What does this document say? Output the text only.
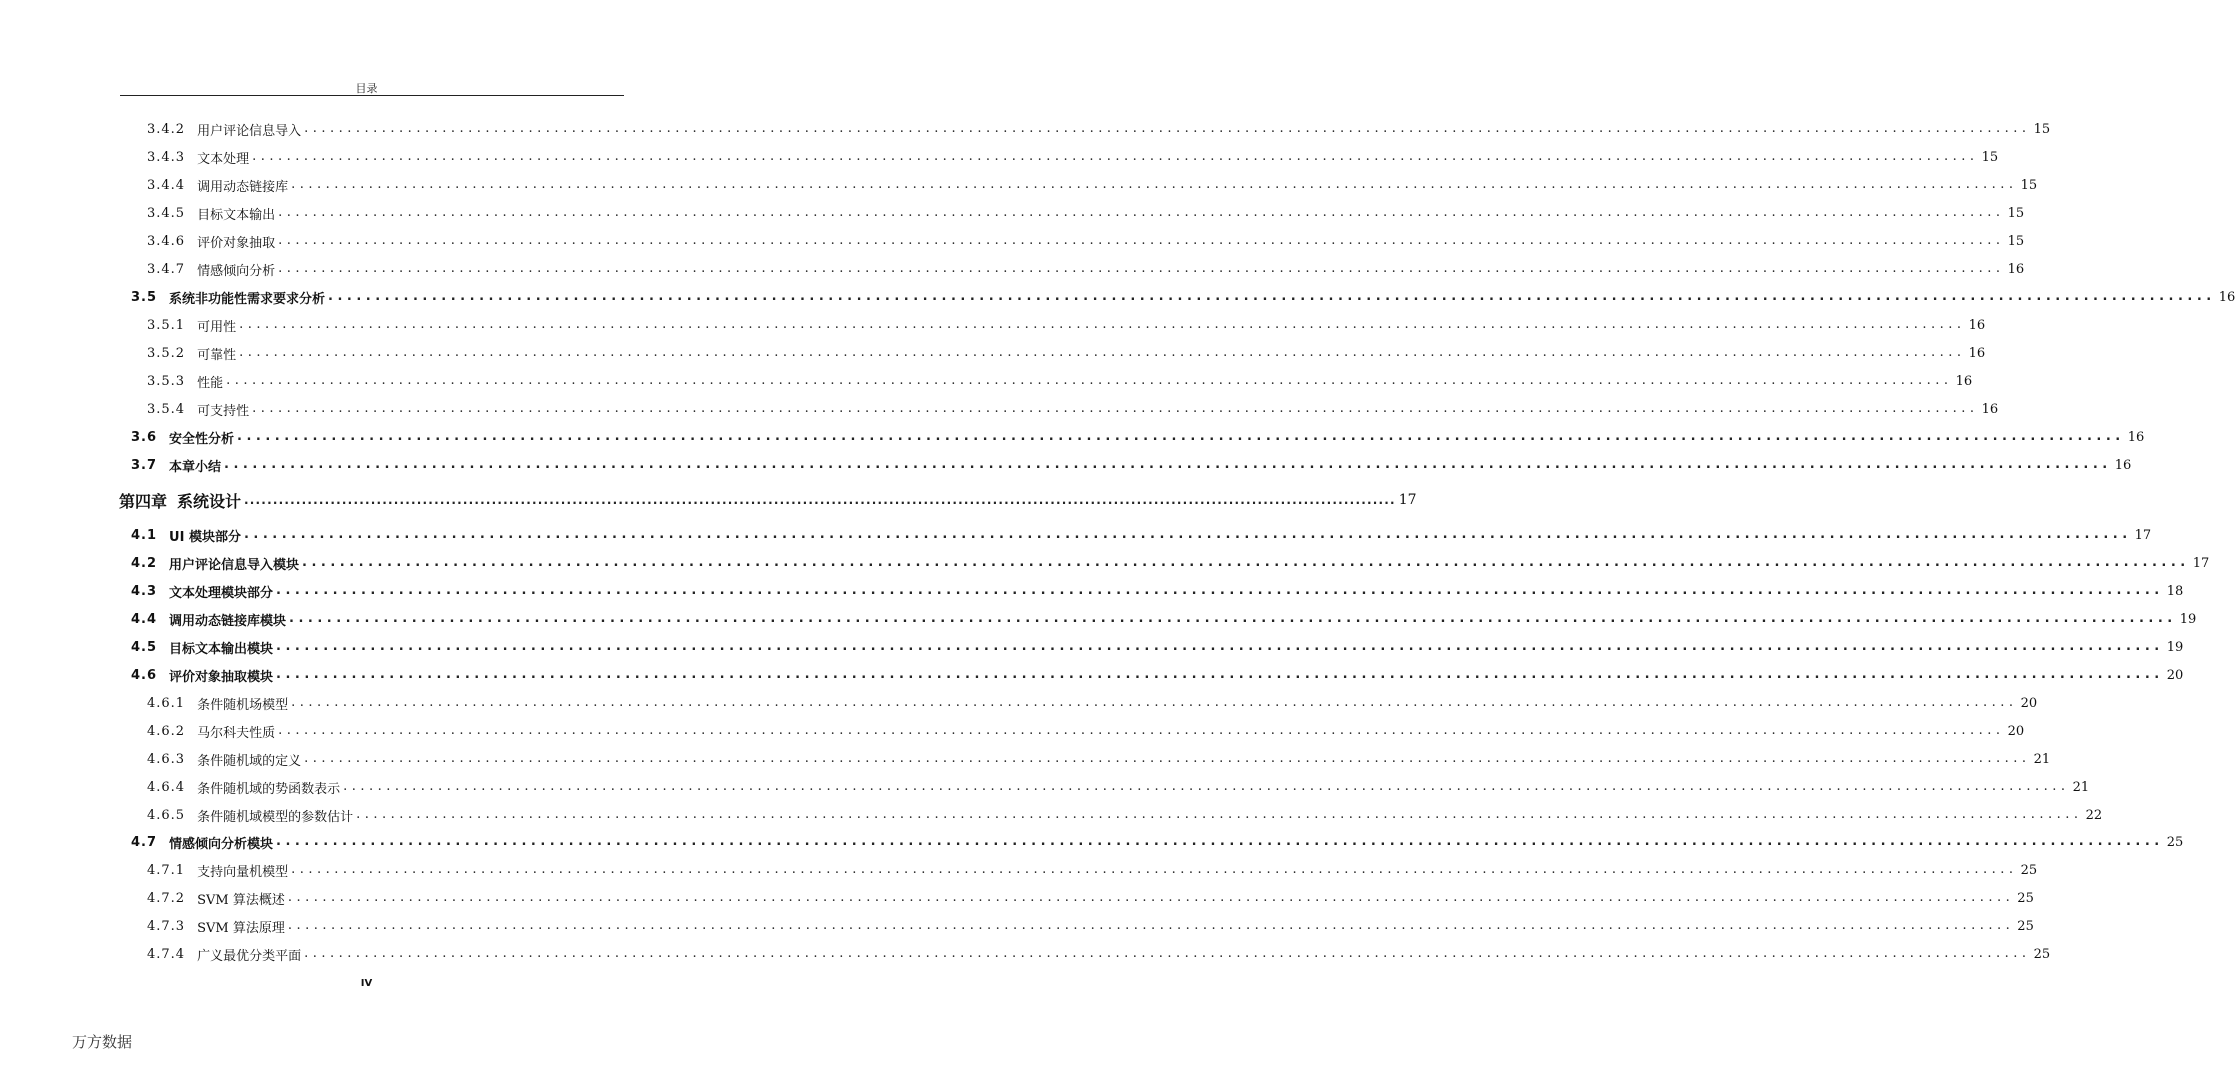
目录
3.4.2 用户评论信息导入 ........................................................................................................................................................................................................ 15
3.4.3 文本处理 ........................................................................................................................................................................................................ 15
3.4.4 调用动态链接库 ........................................................................................................................................................................................................ 15
3.4.5 目标文本输出 ........................................................................................................................................................................................................ 15
3.4.6 评价对象抽取 ........................................................................................................................................................................................................ 15
3.4.7 情感倾向分析 ........................................................................................................................................................................................................ 16
3.5 系统非功能性需求要求分析 ........................................................................................................................................................................................................ 16
3.5.1 可用性 ........................................................................................................................................................................................................ 16
3.5.2 可靠性 ........................................................................................................................................................................................................ 16
3.5.3 性能 ........................................................................................................................................................................................................ 16
3.5.4 可支持性 ........................................................................................................................................................................................................ 16
3.6 安全性分析 ........................................................................................................................................................................................................ 16
3.7 本章小结 ........................................................................................................................................................................................................ 16
第四章 系统设计 ........................................................................................................................................................................................................ 17
4.1 UI 模块部分 ........................................................................................................................................................................................................ 17
4.2 用户评论信息导入模块 ........................................................................................................................................................................................................ 17
4.3 文本处理模块部分 ........................................................................................................................................................................................................ 18
4.4 调用动态链接库模块 ........................................................................................................................................................................................................ 19
4.5 目标文本输出模块 ........................................................................................................................................................................................................ 19
4.6 评价对象抽取模块 ........................................................................................................................................................................................................ 20
4.6.1 条件随机场模型 ........................................................................................................................................................................................................ 20
4.6.2 马尔科夫性质 ........................................................................................................................................................................................................ 20
4.6.3 条件随机域的定义 ........................................................................................................................................................................................................ 21
4.6.4 条件随机域的势函数表示 ........................................................................................................................................................................................................ 21
4.6.5 条件随机域模型的参数估计 ........................................................................................................................................................................................................ 22
4.7 情感倾向分析模块 ........................................................................................................................................................................................................ 25
4.7.1 支持向量机模型 ........................................................................................................................................................................................................ 25
4.7.2 SVM 算法概述 ........................................................................................................................................................................................................ 25
4.7.3 SVM 算法原理 ........................................................................................................................................................................................................ 25
4.7.4 广义最优分类平面 ........................................................................................................................................................................................................ 25
IV
万方数据
